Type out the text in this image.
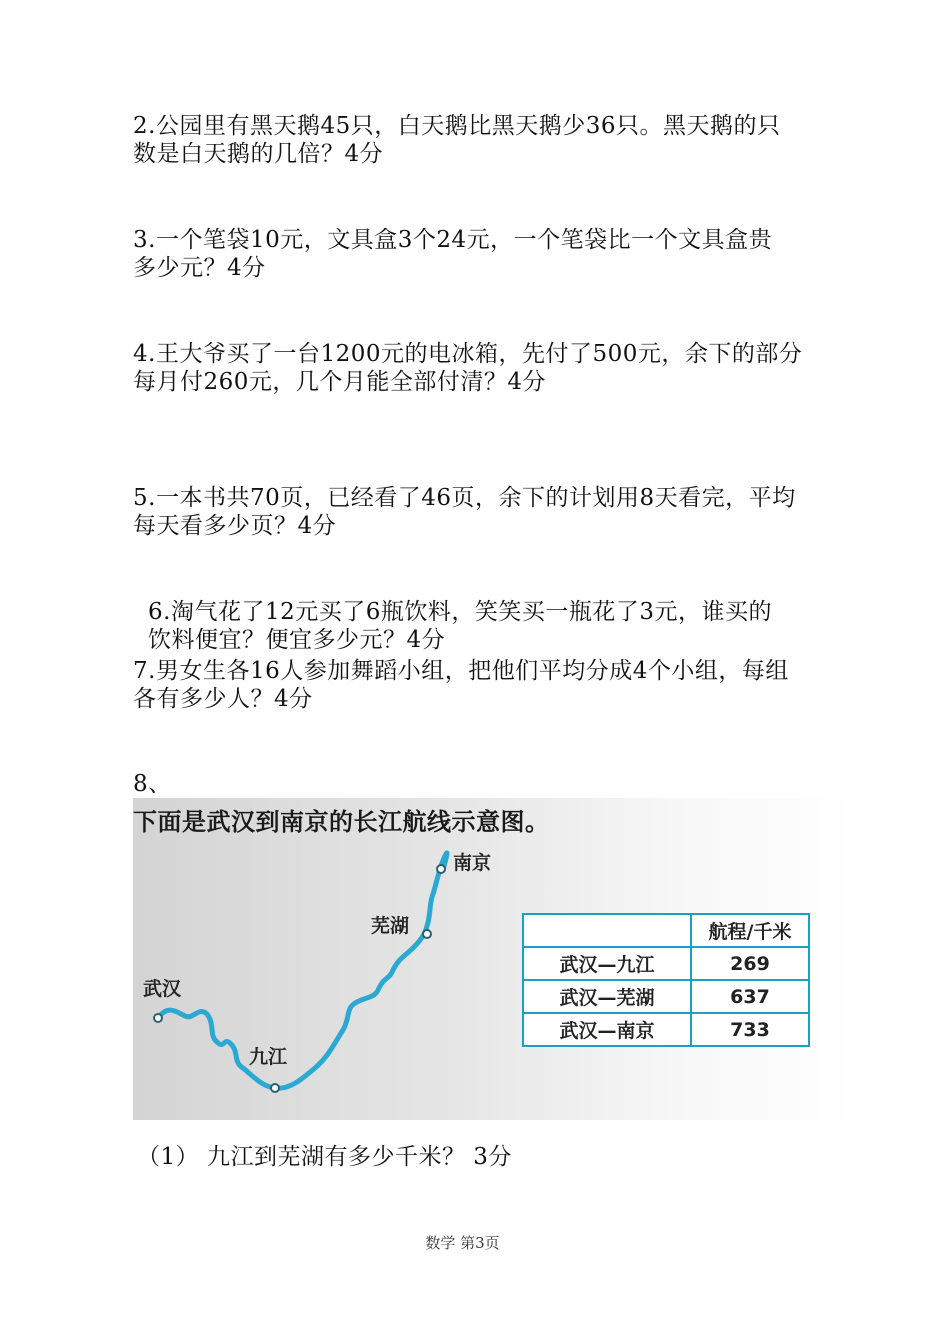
2.公园里有黑天鹅45只，白天鹅比黑天鹅少36只。黑天鹅的只
数是白天鹅的几倍？4分
3.一个笔袋10元，文具盒3个24元，一个笔袋比一个文具盒贵
多少元？4分
4.王大爷买了一台1200元的电冰箱，先付了500元，余下的部分
每月付260元，几个月能全部付清？4分
5.一本书共70页，已经看了46页，余下的计划用8天看完，平均
每天看多少页？4分
6.淘气花了12元买了6瓶饮料，笑笑买一瓶花了3元，谁买的
饮料便宜？便宜多少元？4分
7.男女生各16人参加舞蹈小组，把他们平均分成4个小组，每组
各有多少人？4分
8、
下面是武汉到南京的长江航线示意图。
武汉
九江
芜湖
南京
	航程/千米
武汉—九江	269
武汉—芜湖	637
武汉—南京	733
（1） 九江到芜湖有多少千米？ 3分
数学 第3页
